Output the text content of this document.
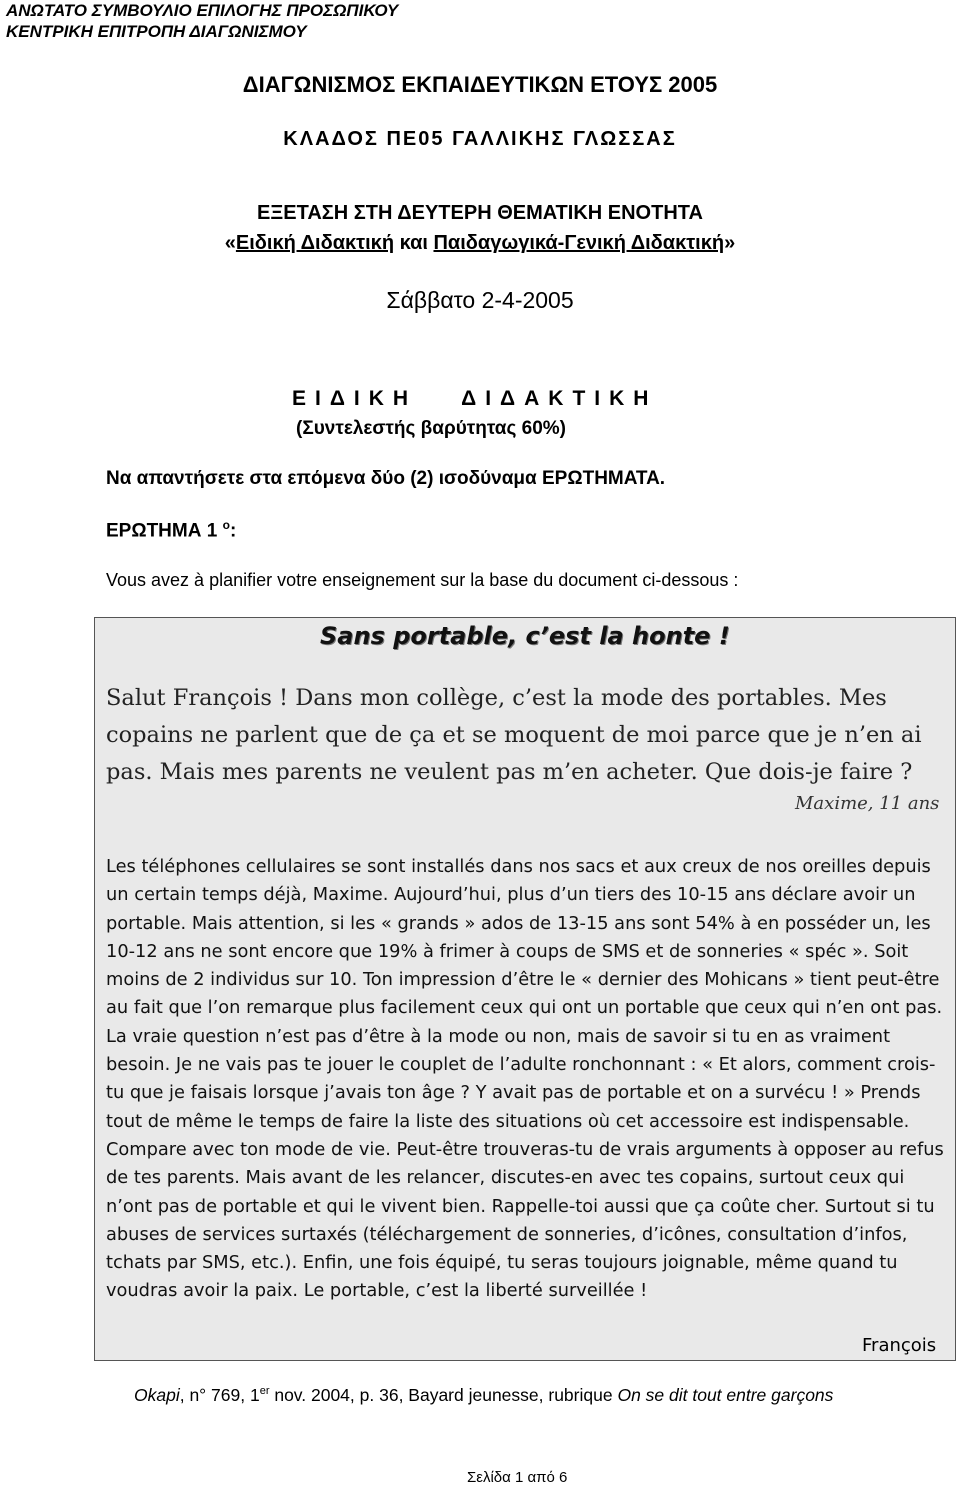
ΑΝΩΤΑΤΟ ΣΥΜΒΟΥΛΙΟ ΕΠΙΛΟΓΗΣ ΠΡΟΣΩΠΙΚΟΥ
ΚΕΝΤΡΙΚΗ ΕΠΙΤΡΟΠΗ ΔΙΑΓΩΝΙΣΜΟΥ
ΔΙΑΓΩΝΙΣΜΟΣ ΕΚΠΑΙΔΕΥΤΙΚΩΝ ΕΤΟΥΣ 2005
ΚΛΑΔΟΣ ΠΕ05 ΓΑΛΛΙΚΗΣ ΓΛΩΣΣΑΣ
ΕΞΕΤΑΣΗ ΣΤΗ ΔΕΥΤΕΡΗ ΘΕΜΑΤΙΚΗ ΕΝΟΤΗΤΑ
«Ειδική Διδακτική και Παιδαγωγικά-Γενική Διδακτική»
Σάββατο 2-4-2005
ΕΙΔΙΚΗ ΔΙΔΑΚΤΙΚΗ
(Συντελεστής βαρύτητας 60%)
Να απαντήσετε στα επόμενα δύο (2) ισοδύναμα ΕΡΩΤΗΜΑΤΑ.
ΕΡΩΤΗΜΑ 1 $^o$:
Vous avez à planifier votre enseignement sur la base du document ci-dessous :
Sans portable, c’est la honte !
Salut François ! Dans mon collège, c’est la mode des portables. Mes copains ne parlent que de ça et se moquent de moi parce que je n’en ai pas. Mais mes parents ne veulent pas m’en acheter. Que dois-je faire ?
Maxime, 11 ans
Les téléphones cellulaires se sont installés dans nos sacs et aux creux de nos oreilles depuis un certain temps déjà, Maxime. Aujourd’hui, plus d’un tiers des 10-15 ans déclare avoir un portable. Mais attention, si les « grands » ados de 13-15 ans sont 54% à en posséder un, les 10-12 ans ne sont encore que 19% à frimer à coups de SMS et de sonneries « spéc ». Soit moins de 2 individus sur 10. Ton impression d’être le « dernier des Mohicans » tient peut-être au fait que l’on remarque plus facilement ceux qui ont un portable que ceux qui n’en ont pas. La vraie question n’est pas d’être à la mode ou non, mais de savoir si tu en as vraiment besoin. Je ne vais pas te jouer le couplet de l’adulte ronchonnant : « Et alors, comment crois-tu que je faisais lorsque j’avais ton âge ? Y avait pas de portable et on a survécu ! » Prends tout de même le temps de faire la liste des situations où cet accessoire est indispensable. Compare avec ton mode de vie. Peut-être trouveras-tu de vrais arguments à opposer au refus de tes parents. Mais avant de les relancer, discutes-en avec tes copains, surtout ceux qui n’ont pas de portable et qui le vivent bien. Rappelle-toi aussi que ça coûte cher. Surtout si tu abuses de services surtaxés (téléchargement de sonneries, d’icônes, consultation d’infos, tchats par SMS, etc.). Enfin, une fois équipé, tu seras toujours joignable, même quand tu voudras avoir la paix. Le portable, c’est la liberté surveillée !
François
Okapi, n° 769, 1er nov. 2004, p. 36, Bayard jeunesse, rubrique On se dit tout entre garçons
Σελίδα 1 από 6
